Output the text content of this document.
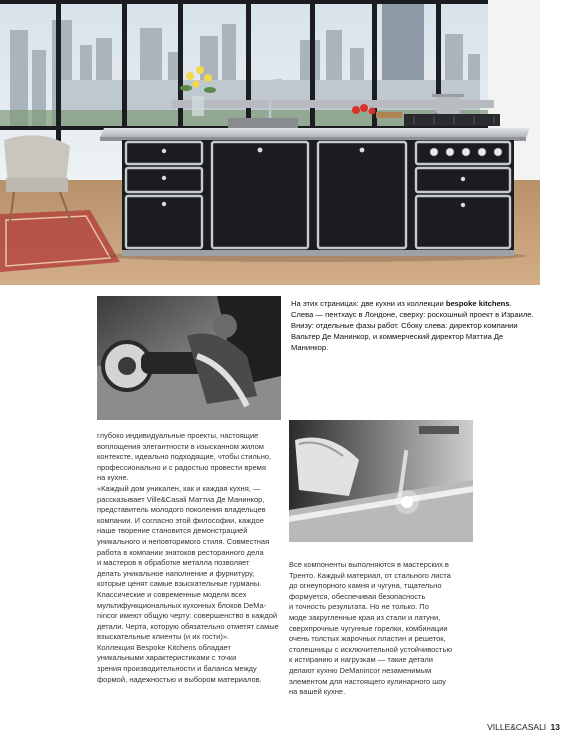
На этих страницах: две кухни из коллекции bespoke kitchens.
Слева — пентхаус в Лондоне, сверху: роскошный проект в Израиле.
Внизу: отдельные фазы работ. Сбоку слева: директор компании
Вальтер Де Манинкор, и коммерческий директор Маттиа Де
Манинкор.
глубоко индивидуальные проекты, настоящие
воплощения элегантности в изысканном жилом
контексте, идеально подходящие, чтобы стильно,
профессионально и с радостью провести время
на кухне.
«Каждый дом уникален, как и каждая кухня, —
рассказывает Ville&Casali Маттиа Де Манинкор,
представитель молодого поколения владельцев
компании. И согласно этой философии, каждое
наше творение становится демонстрацией
уникального и неповторимого стиля. Совместная
работа в компании знатоков ресторанного дела
и мастеров в обработке металла позволяет
делать уникальное наполнение и фурнитуру,
которые ценят самые взыскательные гурманы.
Классические и современные модели всех
мультифункциональных кухонных блоков DeMa-
nincor имеют общую черту: совершенство в каждой
детали. Черта, которую обязательно отметят самые
взыскательные клиенты (и их гости)».
Коллекция Bespoke Kitchens обладает
уникальными характеристиками с точки
зрения производительности и баланса между
формой, надежностью и выбором материалов.
Все компоненты выполняются в мастерских в
Тренто. Каждый материал, от стального листа
до огнеупорного камня и чугуна, тщательно
формуется, обеспечивая безопасность
и точность результата. Но не только. По
моде закругленные края из стали и латуни,
сверхпрочные чугунные горелки, комбинации
очень толстых жарочных пластин и решеток,
столешницы с исключительной устойчивостью
к истиранию и нагрузкам — такие детали
делают кухню DeManincor незаменимым
элементом для настоящего кулинарного шоу
на вашей кухне.
VILLE&CASALI 13
